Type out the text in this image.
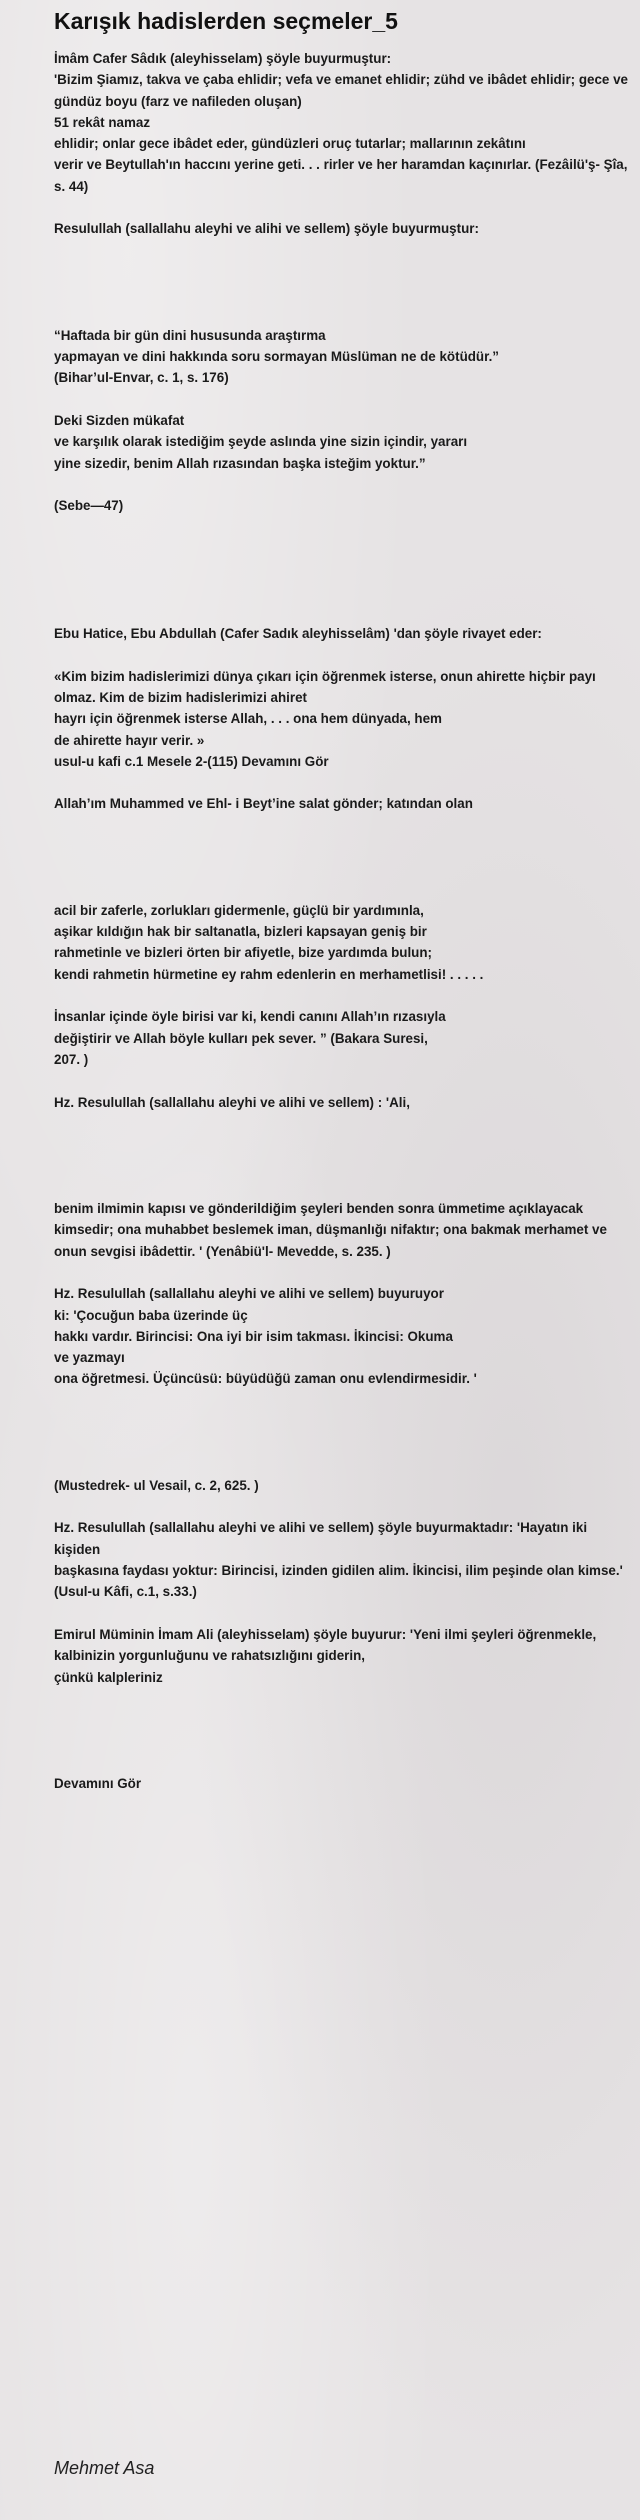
Karışık hadislerden seçmeler_5
İmâm Cafer Sâdık (aleyhisselam) şöyle buyurmuştur:
'Bizim Şiamız, takva ve çaba ehlidir; vefa ve emanet ehlidir; zühd ve ibâdet ehlidir; gece ve gündüz boyu (farz ve nafileden oluşan)
51 rekât namaz
ehlidir; onlar gece ibâdet eder, gündüzleri oruç tutarlar; mallarının zekâtını
verir ve Beytullah'ın haccını yerine geti. . . rirler ve her haramdan kaçınırlar. (Fezâilü'ş- Şîa, s. 44)

Resulullah (sallallahu aleyhi ve alihi ve sellem) şöyle buyurmuştur:

“Haftada bir gün dini hususunda araştırma
yapmayan ve dini hakkında soru sormayan Müslüman ne de kötüdür.”
(Bihar’ul-Envar, c. 1, s. 176)

Deki Sizden mükafat
ve karşılık olarak istediğim şeyde aslında yine sizin içindir, yararı
yine sizedir, benim Allah rızasından başka isteğim yoktur.”

(Sebe—47)

Ebu Hatice, Ebu Abdullah (Cafer Sadık aleyhisselâm) 'dan şöyle rivayet eder:

«Kim bizim hadislerimizi dünya çıkarı için öğrenmek isterse, onun ahirette hiçbir payı olmaz. Kim de bizim hadislerimizi ahiret
hayrı için öğrenmek isterse Allah, . . . ona hem dünyada, hem
de ahirette hayır verir. »
usul-u kafi c.1 Mesele 2-(115) Devamını Gör

Allah’ım Muhammed ve Ehl- i Beyt’ine salat gönder; katından olan

acil bir zaferle, zorlukları gidermenle, güçlü bir yardımınla,
aşikar kıldığın hak bir saltanatla, bizleri kapsayan geniş bir
rahmetinle ve bizleri örten bir afiyetle, bize yardımda bulun;
kendi rahmetin hürmetine ey rahm edenlerin en merhametlisi! . . . . .

İnsanlar içinde öyle birisi var ki, kendi canını Allah’ın rızasıyla
değiştirir ve Allah böyle kulları pek sever. ” (Bakara Suresi,
207. )

Hz. Resulullah (sallallahu aleyhi ve alihi ve sellem) : 'Ali,

benim ilmimin kapısı ve gönderildiğim şeyleri benden sonra ümmetime açıklayacak kimsedir; ona muhabbet beslemek iman, düşmanlığı nifaktır; ona bakmak merhamet ve onun sevgisi ibâdettir. ' (Yenâbiü'l- Mevedde, s. 235. )

Hz. Resulullah (sallallahu aleyhi ve alihi ve sellem) buyuruyor
ki: 'Çocuğun baba üzerinde üç
hakkı vardır. Birincisi: Ona iyi bir isim takması. İkincisi: Okuma
ve yazmayı
ona öğretmesi. Üçüncüsü: büyüdüğü zaman onu evlendirmesidir. '

(Mustedrek- ul Vesail, c. 2, 625. )

Hz. Resulullah (sallallahu aleyhi ve alihi ve sellem) şöyle buyurmaktadır: 'Hayatın iki kişiden
başkasına faydası yoktur: Birincisi, izinden gidilen alim. İkincisi, ilim peşinde olan kimse.' (Usul-u Kâfi, c.1, s.33.)

Emirul Müminin İmam Ali (aleyhisselam) şöyle buyurur: 'Yeni ilmi şeyleri öğrenmekle, kalbinizin yorgunluğunu ve rahatsızlığını giderin,
çünkü kalpleriniz

Devamını Gör
Mehmet Asa
